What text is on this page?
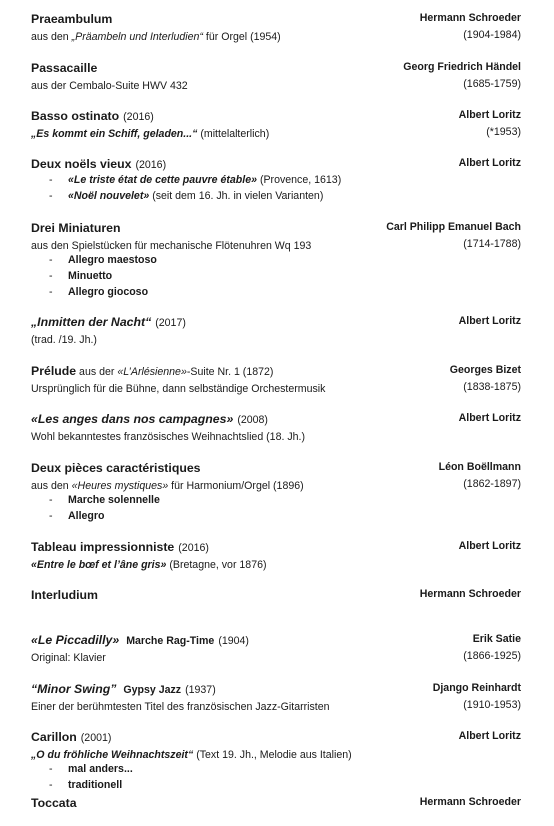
Praeambulum	Hermann Schroeder
aus den „Präambeln und Interludien“ für Orgel (1954)	(1904-1984)
Passacaille	Georg Friedrich Händel
aus der Cembalo-Suite HWV 432	(1685-1759)
Basso ostinato (2016)	Albert Loritz
„Es kommt ein Schiff, geladen...“ (mittelalterlich)	(*1953)
Deux noëls vieux (2016)	Albert Loritz
- «Le triste état de cette pauvre étable» (Provence, 1613)
- «Noël nouvelet» (seit dem 16. Jh. in vielen Varianten)
Drei Miniaturen	Carl Philipp Emanuel Bach
aus den Spielstücken für mechanische Flötenuhren Wq 193	(1714-1788)
- Allegro maestoso
- Minuetto
- Allegro giocoso
„Inmitten der Nacht“ (2017)	Albert Loritz
(trad. /19. Jh.)
Prélude aus der «L’Arlésienne»-Suite Nr. 1 (1872)	Georges Bizet
Ursprünglich für die Bühne, dann selbständige Orchestermusik	(1838-1875)
«Les anges dans nos campagnes» (2008)	Albert Loritz
Wohl bekanntestes französisches Weihnachtslied (18. Jh.)
Deux pièces caractéristiques	Léon Boëllmann
aus den «Heures mystiques» für Harmonium/Orgel (1896)	(1862-1897)
- Marche solennelle
- Allegro
Tableau impressionniste (2016)	Albert Loritz
«Entre le bœf et l’âne gris» (Bretagne, vor 1876)
Interludium	Hermann Schroeder
«Le Piccadilly» Marche Rag-Time (1904)	Erik Satie
Original: Klavier	(1866-1925)
“Minor Swing” Gypsy Jazz (1937)	Django Reinhardt
Einer der berühmtesten Titel des französischen Jazz-Gitarristen	(1910-1953)
Carillon (2001)	Albert Loritz
„O du fröhliche Weihnachtszeit“ (Text 19. Jh., Melodie aus Italien)
- mal anders...
- traditionell
Toccata	Hermann Schroeder
